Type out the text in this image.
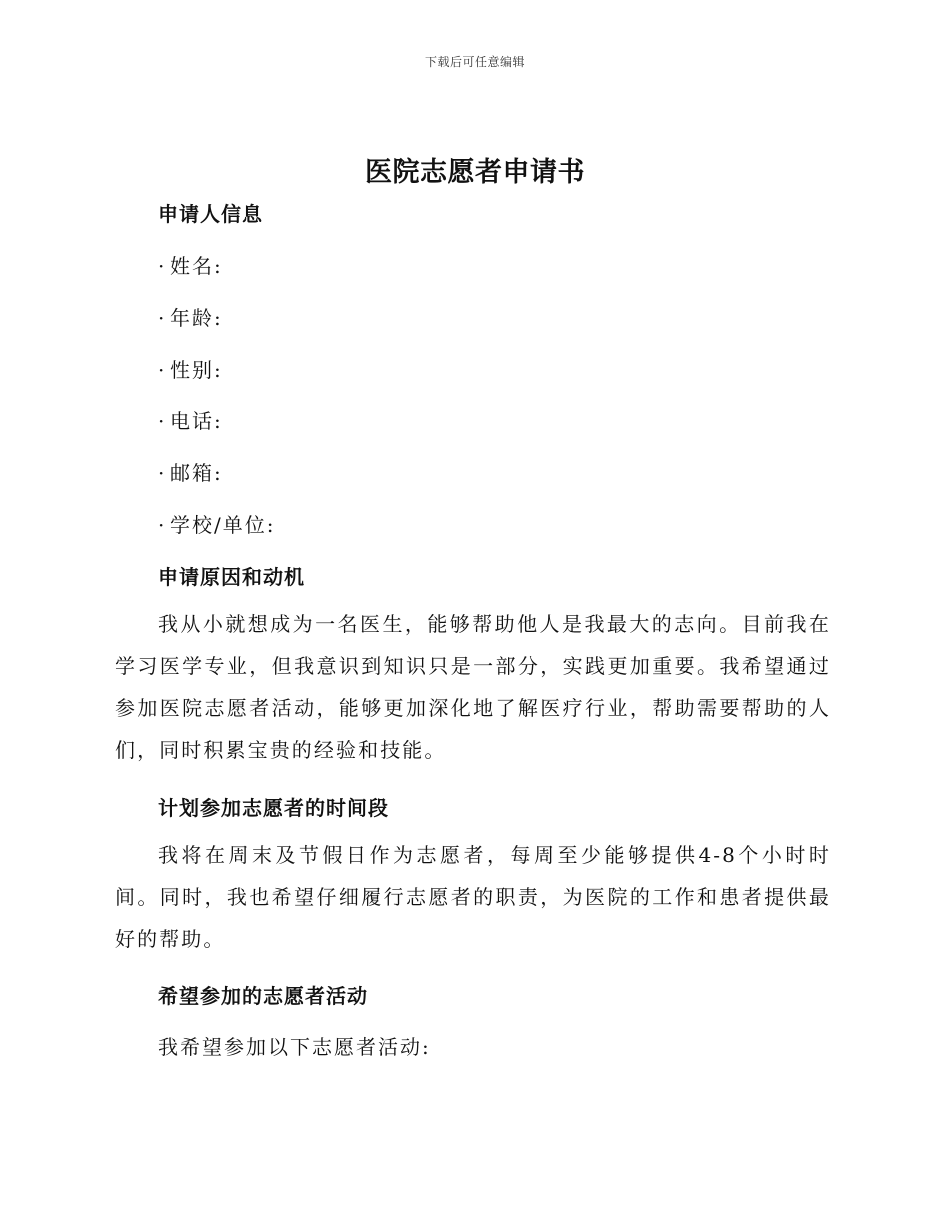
下载后可任意编辑
医院志愿者申请书
申请人信息
· 姓名:
· 年龄:
· 性别:
· 电话:
· 邮箱:
· 学校/单位:
申请原因和动机

我从小就想成为一名医生，能够帮助他人是我最大的志向。目前我在学习医学专业，但我意识到知识只是一部分，实践更加重要。我希望通过参加医院志愿者活动，能够更加深化地了解医疗行业，帮助需要帮助的人们，同时积累宝贵的经验和技能。

计划参加志愿者的时间段

我将在周末及节假日作为志愿者，每周至少能够提供4-8个小时时间。同时，我也希望仔细履行志愿者的职责，为医院的工作和患者提供最好的帮助。

希望参加的志愿者活动

我希望参加以下志愿者活动:
